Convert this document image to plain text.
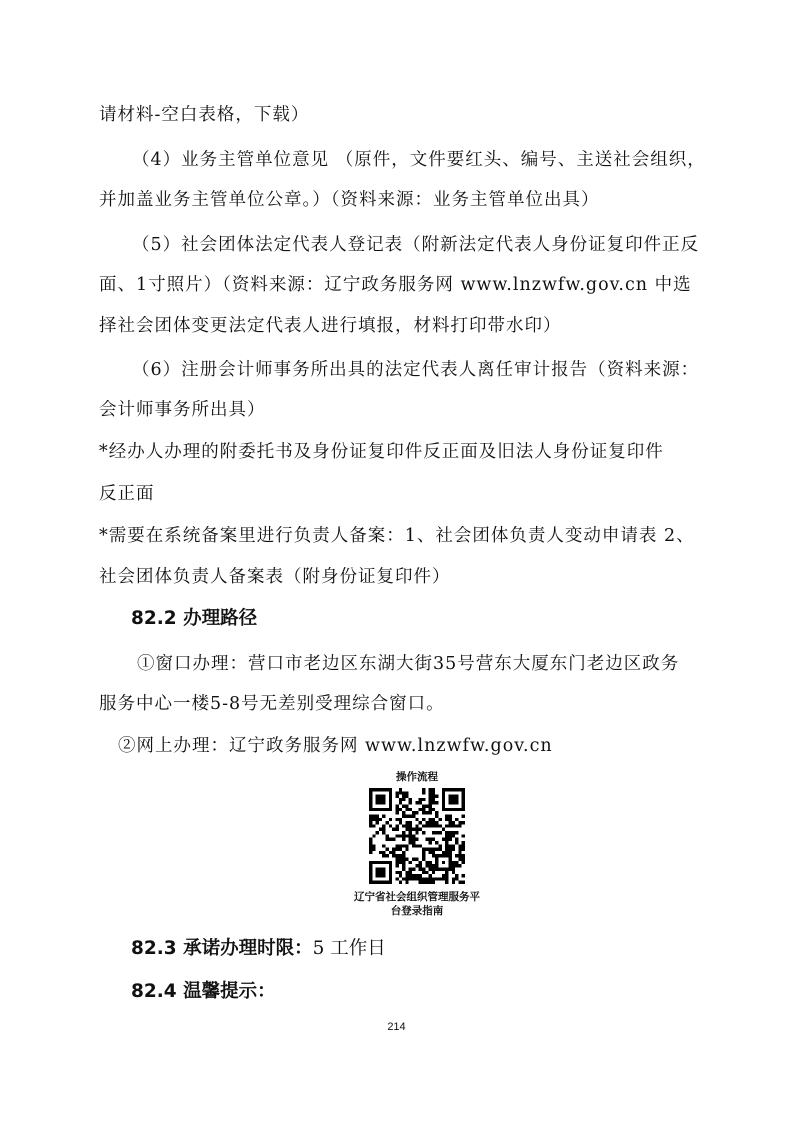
请材料-空白表格，下载）
（4）业务主管单位意见 （原件，文件要红头、编号、主送社会组织，
并加盖业务主管单位公章。）（资料来源：业务主管单位出具）
（5）社会团体法定代表人登记表（附新法定代表人身份证复印件正反
面、1寸照片）（资料来源：辽宁政务服务网 www.lnzwfw.gov.cn 中选
择社会团体变更法定代表人进行填报，材料打印带水印）
（6）注册会计师事务所出具的法定代表人离任审计报告（资料来源：
会计师事务所出具）
*经办人办理的附委托书及身份证复印件反正面及旧法人身份证复印件
反正面
*需要在系统备案里进行负责人备案：1、社会团体负责人变动申请表 2、
社会团体负责人备案表（附身份证复印件）
82.2 办理路径
①窗口办理：营口市老边区东湖大街35号营东大厦东门老边区政务
服务中心一楼5-8号无差别受理综合窗口。
②网上办理：辽宁政务服务网 www.lnzwfw.gov.cn
操作流程
辽宁省社会组织管理服务平
台登录指南
82.3 承诺办理时限：5 工作日
82.4 温馨提示：
214
